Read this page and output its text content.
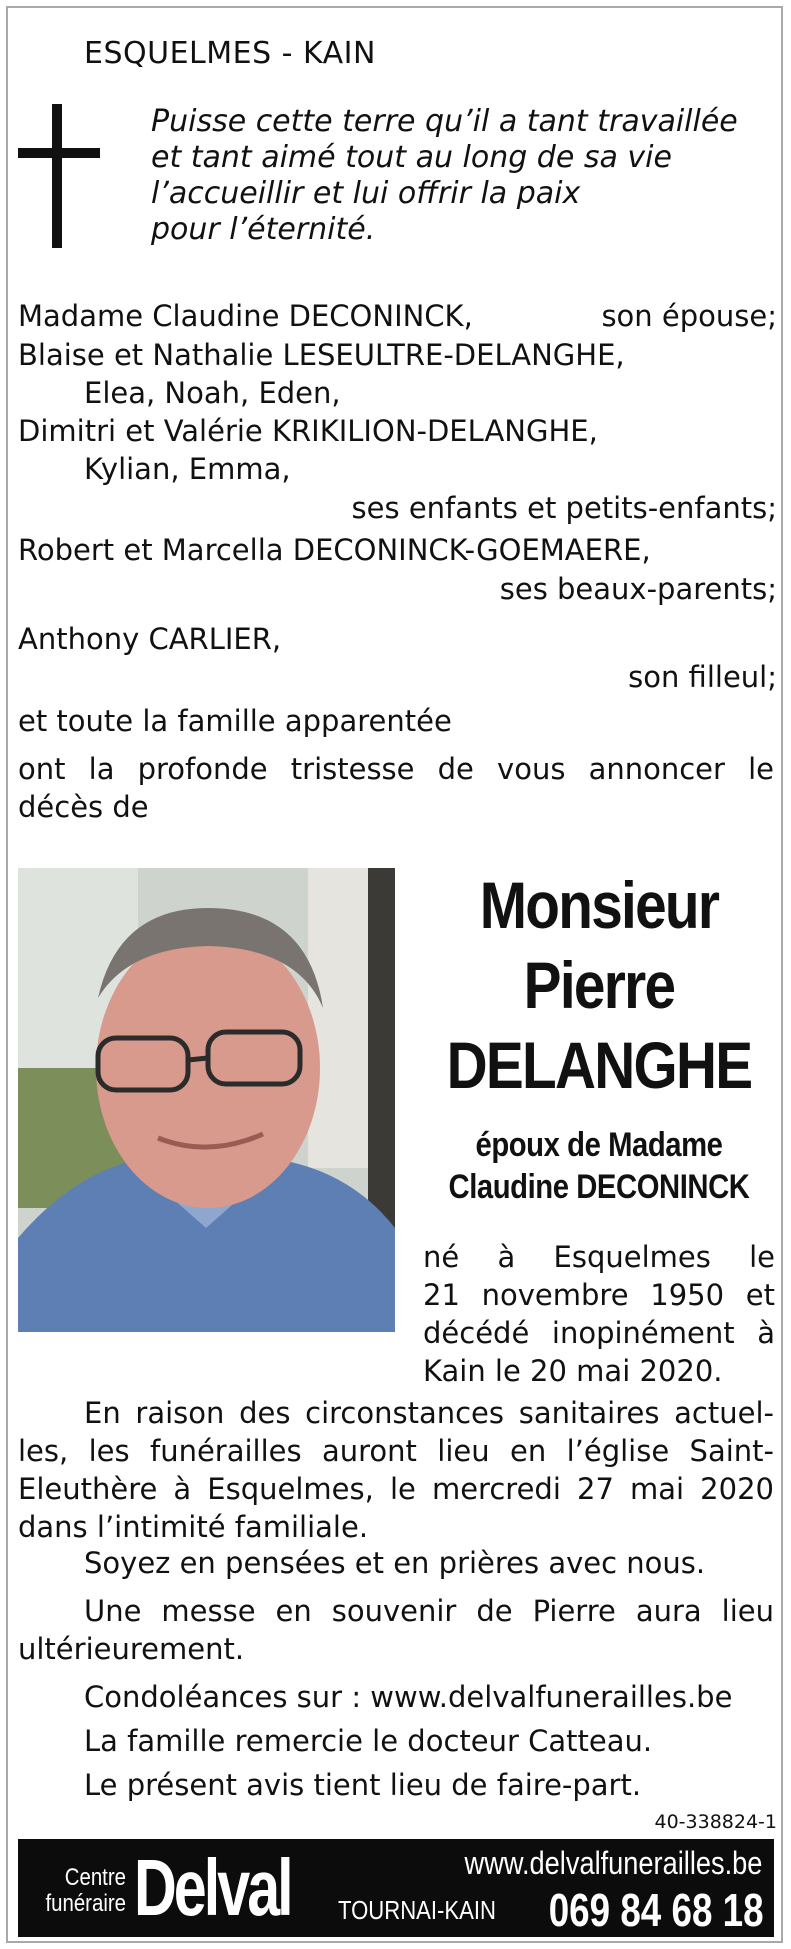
ESQUELMES - KAIN
Puisse cette terre qu’il a tant travaillée
et tant aimé tout au long de sa vie
l’accueillir et lui offrir la paix
pour l’éternité.
Madame Claudine DECONINCK,	son épouse;
Blaise et Nathalie LESEULTRE-DELANGHE,
Elea, Noah, Eden,
Dimitri et Valérie KRIKILION-DELANGHE,
Kylian, Emma,
ses enfants et petits-enfants;
Robert et Marcella DECONINCK-GOEMAERE,
ses beaux-parents;
Anthony CARLIER,
son filleul;
et toute la famille apparentée
ont la profonde tristesse de vous annoncer le
décès de
Monsieur
Pierre
DELANGHE
époux de Madame
Claudine DECONINCK
né à Esquelmes le
21 novembre 1950 et
décédé inopinément à
Kain le 20 mai 2020.
En raison des circonstances sanitaires actuel-
les, les funérailles auront lieu en l’église Saint-
Eleuthère à Esquelmes, le mercredi 27 mai 2020
dans l’intimité familiale.
Soyez en pensées et en prières avec nous.
Une messe en souvenir de Pierre aura lieu
ultérieurement.
Condoléances sur : www.delvalfunerailles.be
La famille remercie le docteur Catteau.
Le présent avis tient lieu de faire-part.
40-338824-1
Centre
funéraire Delval	www.delvalfunerailles.be
TOURNAI-KAIN 069 84 68 18
